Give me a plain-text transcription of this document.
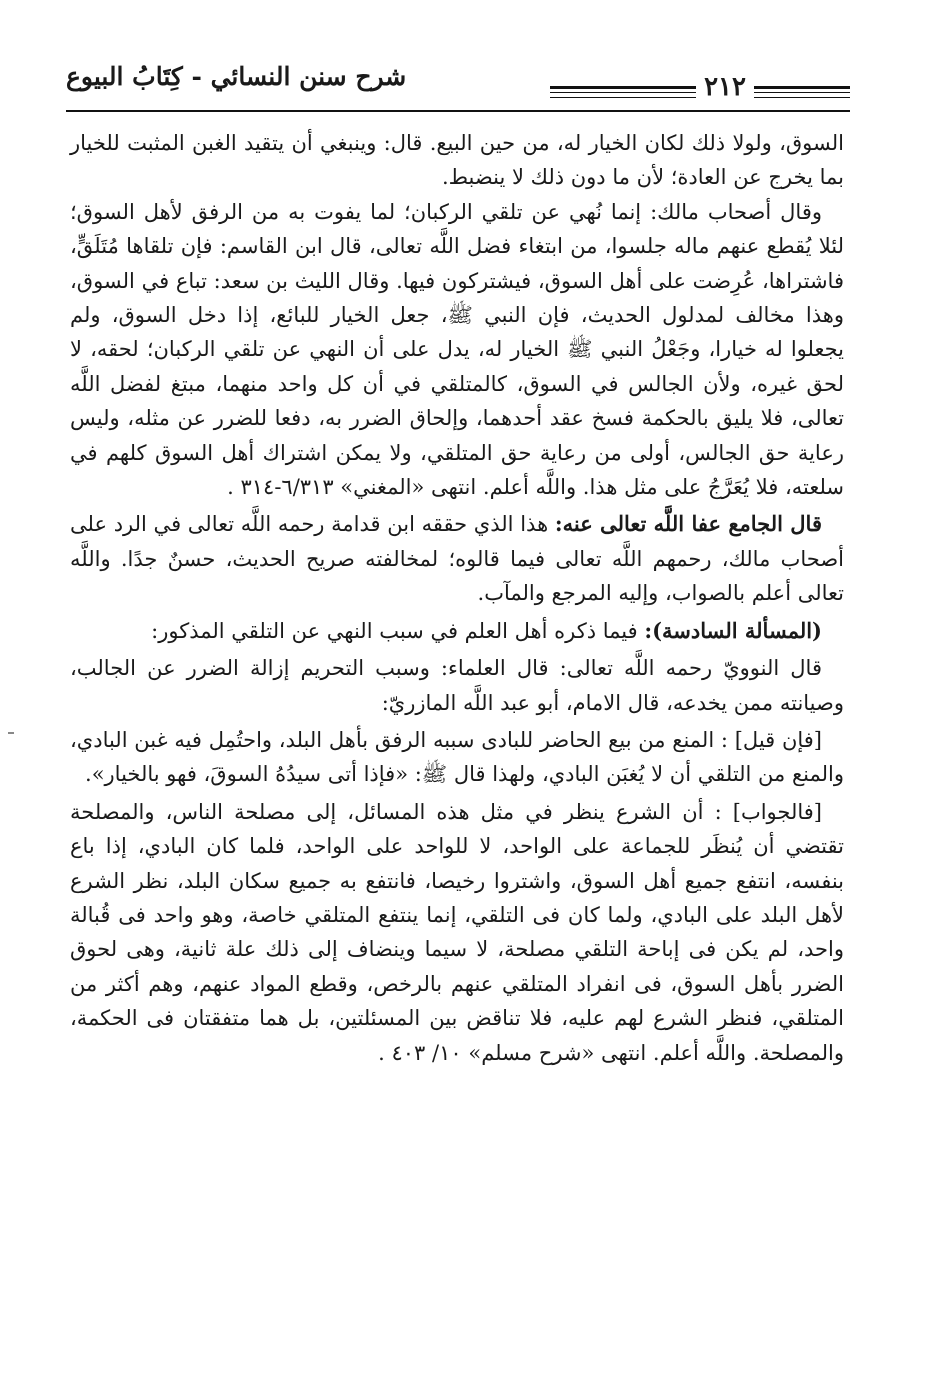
٢١٢
شرح سنن النسائي - كِتَابُ البيوع

السوق، ولولا ذلك لكان الخيار له، من حين البيع. قال: وينبغي أن يتقيد الغبن المثبت للخيار بما يخرج عن العادة؛ لأن ما دون ذلك لا ينضبط.

وقال أصحاب مالك: إنما نُهي عن تلقي الركبان؛ لما يفوت به من الرفق لأهل السوق؛ لئلا يُقطع عنهم ماله جلسوا، من ابتغاء فضل اللَّه تعالى، قال ابن القاسم: فإن تلقاها مُتَلَقٍّ، فاشتراها، عُرِضت على أهل السوق، فيشتركون فيها. وقال الليث بن سعد: تباع في السوق، وهذا مخالف لمدلول الحديث، فإن النبي ﷺ، جعل الخيار للبائع، إذا دخل السوق، ولم يجعلوا له خيارا، وجَعْلُ النبي ﷺ الخيار له، يدل على أن النهي عن تلقي الركبان؛ لحقه، لا لحق غيره، ولأن الجالس في السوق، كالمتلقي في أن كل واحد منهما، مبتغ لفضل اللَّه تعالى، فلا يليق بالحكمة فسخ عقد أحدهما، وإلحاق الضرر به، دفعا للضرر عن مثله، وليس رعاية حق الجالس، أولى من رعاية حق المتلقي، ولا يمكن اشتراك أهل السوق كلهم في سلعته، فلا يُعَرَّجُ على مثل هذا. واللَّه أعلم. انتهى «المغني» ٦/٣١٣-٣١٤ .

قال الجامع عفا اللَّه تعالى عنه: هذا الذي حققه ابن قدامة رحمه اللَّه تعالى في الرد على أصحاب مالك، رحمهم اللَّه تعالى فيما قالوه؛ لمخالفته صريح الحديث، حسنٌ جدًا. واللَّه تعالى أعلم بالصواب، وإليه المرجع والمآب.

(المسألة السادسة): فيما ذكره أهل العلم في سبب النهي عن التلقي المذكور:

قال النوويّ رحمه اللَّه تعالى: قال العلماء: وسبب التحريم إزالة الضرر عن الجالب، وصيانته ممن يخدعه، قال الامام، أبو عبد اللَّه المازريّ:

[فإن قيل] : المنع من بيع الحاضر للبادى سببه الرفق بأهل البلد، واحتُمِل فيه غبن البادي، والمنع من التلقي أن لا يُغبَن البادي، ولهذا قال ﷺ: «فإذا أتى سيدُهُ السوقَ، فهو بالخيار».

[فالجواب] : أن الشرع ينظر في مثل هذه المسائل، إلى مصلحة الناس، والمصلحة تقتضي أن يُنظَر للجماعة على الواحد، لا للواحد على الواحد، فلما كان البادي، إذا باع بنفسه، انتفع جميع أهل السوق، واشتروا رخيصا، فانتفع به جميع سكان البلد، نظر الشرع لأهل البلد على البادي، ولما كان فى التلقي، إنما ينتفع المتلقي خاصة، وهو واحد فى قُبالة واحد، لم يكن فى إباحة التلقي مصلحة، لا سيما وينضاف إلى ذلك علة ثانية، وهى لحوق الضرر بأهل السوق، فى انفراد المتلقي عنهم بالرخص، وقطع المواد عنهم، وهم أكثر من المتلقي، فنظر الشرع لهم عليه، فلا تناقض بين المسئلتين، بل هما متفقتان فى الحكمة، والمصلحة. واللَّه أعلم. انتهى «شرح مسلم» ١٠/ ٤٠٣ .
